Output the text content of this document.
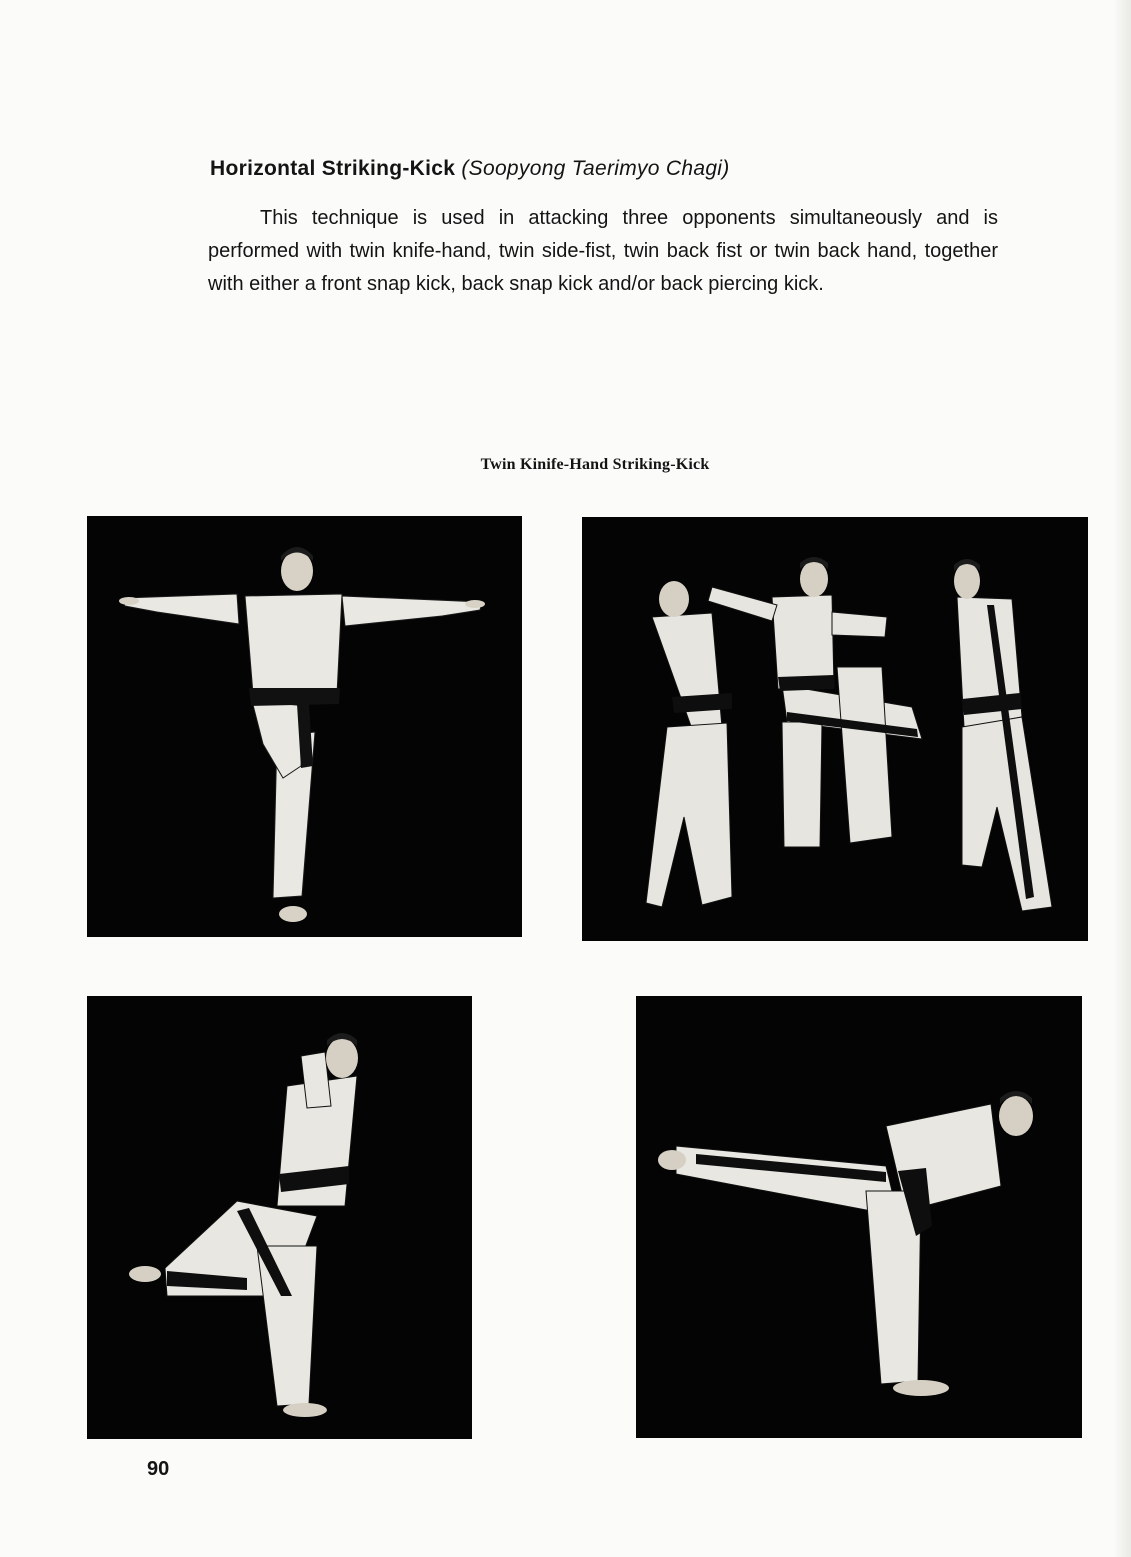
Horizontal Striking-Kick (Soopyong Taerimyo Chagi)

This technique is used in attacking three opponents simultaneously and is performed with twin knife-hand, twin side-fist, twin back fist or twin back hand, together with either a front snap kick, back snap kick and/or back piercing kick.

Twin Kinife-Hand Striking-Kick
90
